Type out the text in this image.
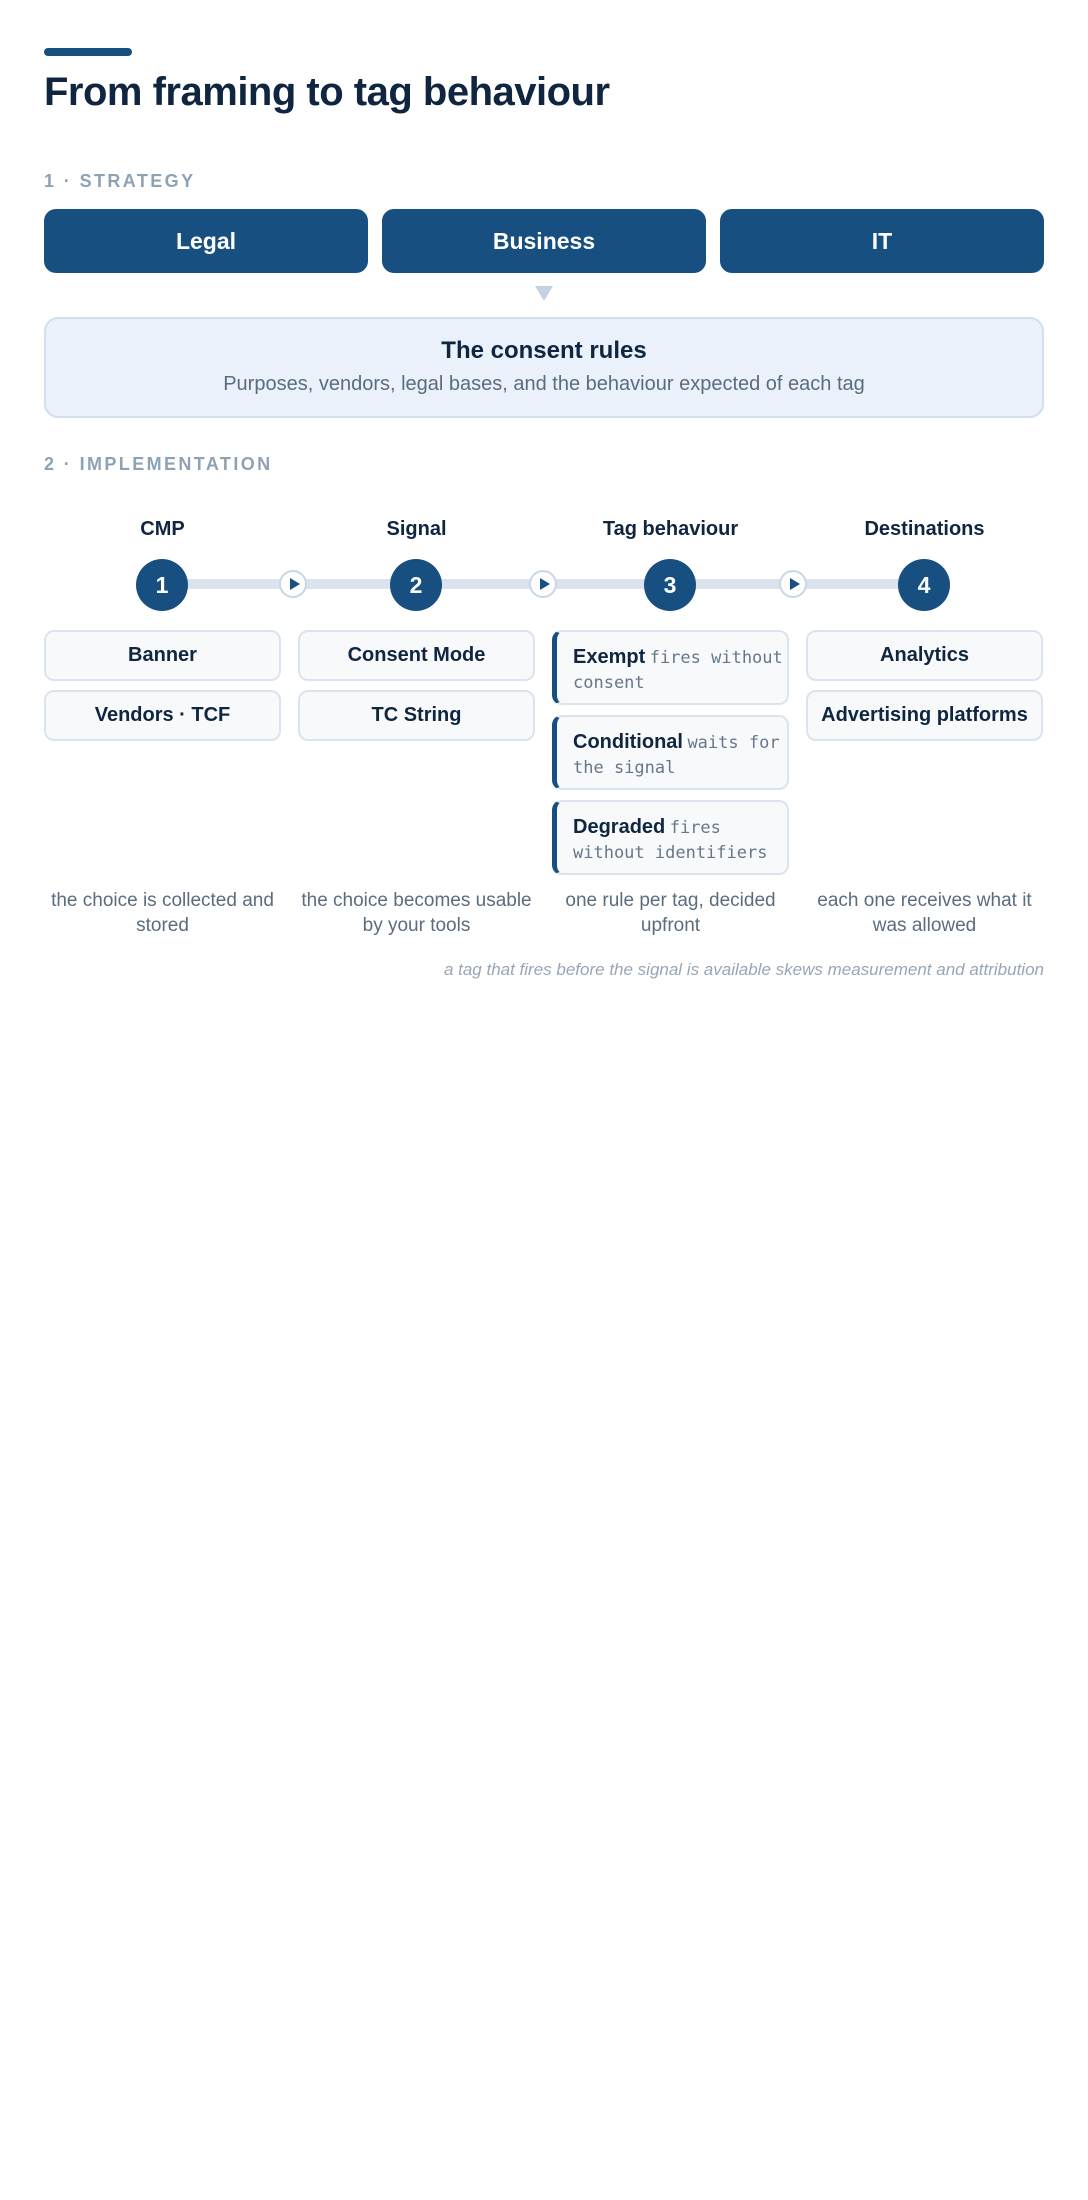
From framing to tag behaviour
1 · STRATEGY
Legal	Business	IT
The consent rules
Purposes, vendors, legal bases, and the behaviour expected of each tag
2 · IMPLEMENTATION
CMP	Signal	Tag behaviour	Destinations
1	2	3	4
Banner
Vendors · TCF
Consent Mode
TC String
Exempt fires without consent
Conditional waits for the signal
Degraded fires without identifiers
Analytics
Advertising platforms
the choice is collected and stored
the choice becomes usable by your tools
one rule per tag, decided upfront
each one receives what it was allowed
a tag that fires before the signal is available skews measurement and attribution
